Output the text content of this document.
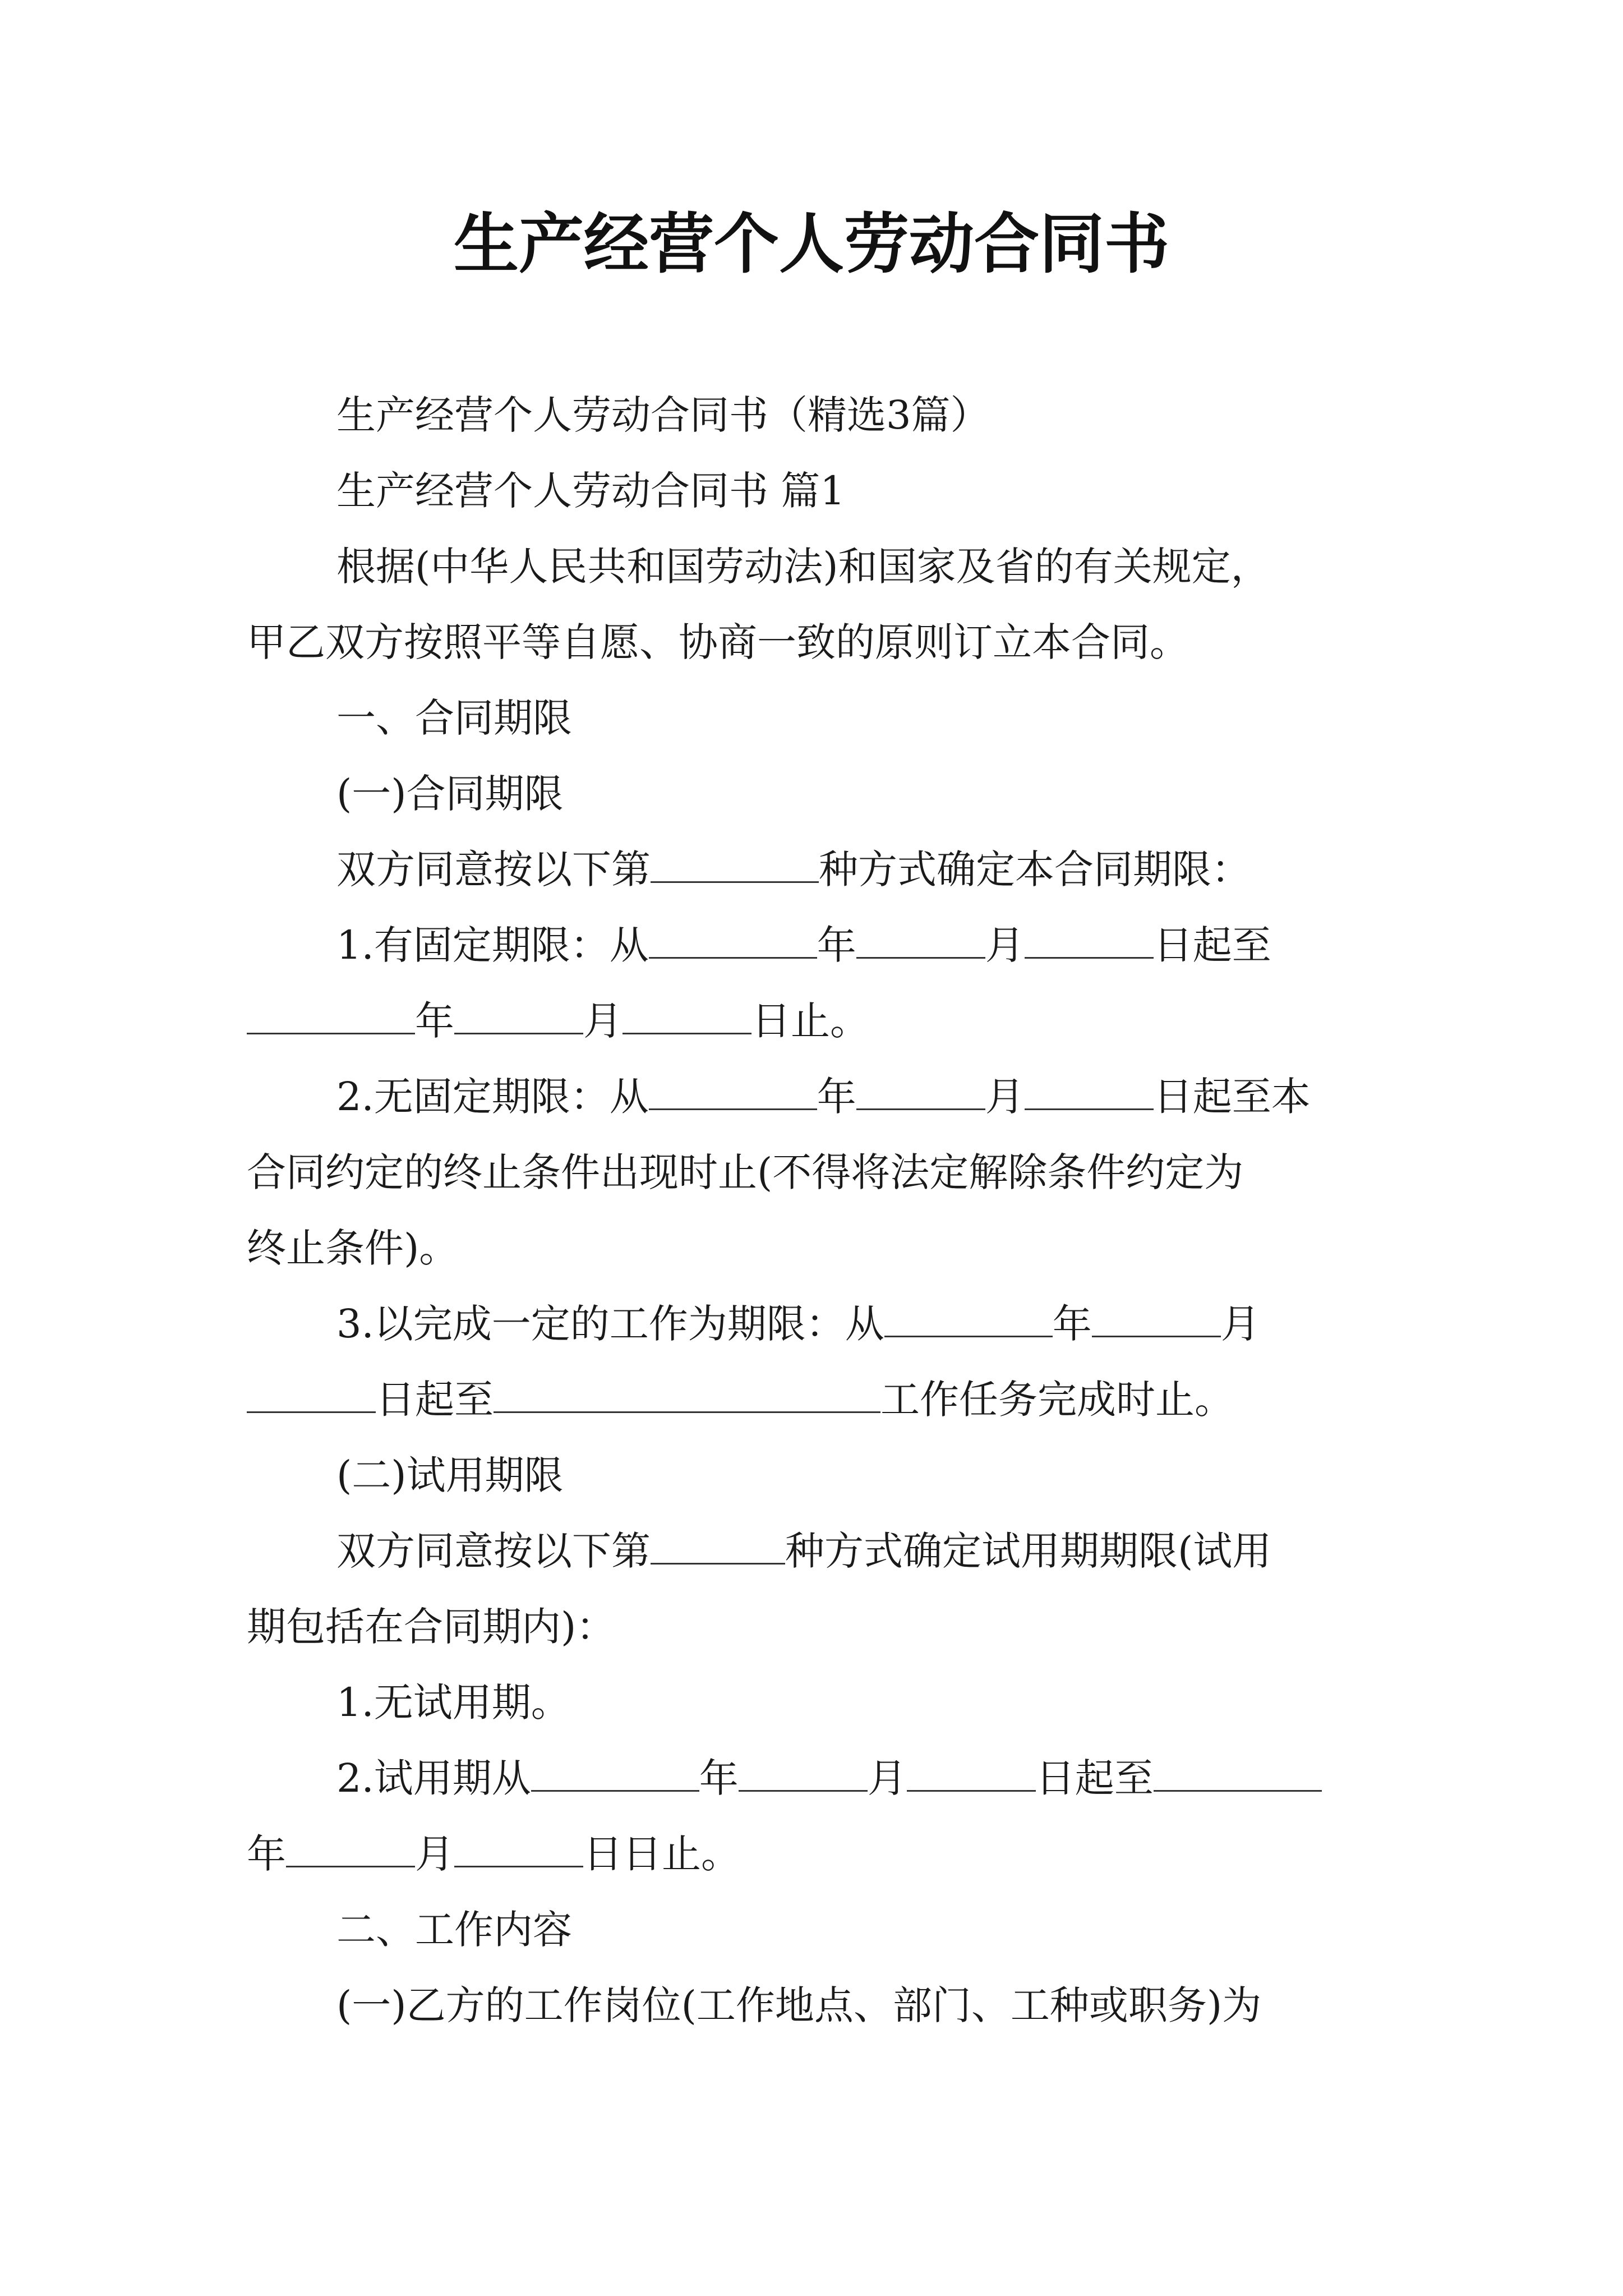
生产经营个人劳动合同书

生产经营个人劳动合同书（精选3篇）

生产经营个人劳动合同书 篇1

根据(中华人民共和国劳动法)和国家及省的有关规定，

甲乙双方按照平等自愿、协商一致的原则订立本合同。

一、合同期限

(一)合同期限

双方同意按以下第	种方式确定本合同期限：

1.有固定期限：从	年	月	日起至

年	月	日止。

2.无固定期限：从	年	月	日起至本

合同约定的终止条件出现时止(不得将法定解除条件约定为

终止条件)。

3.以完成一定的工作为期限：从	年	月

日起至	工作任务完成时止。

(二)试用期限

双方同意按以下第	种方式确定试用期期限(试用

期包括在合同期内)：

1.无试用期。

2.试用期从	年	月	日起至

年	月	日日止。

二、工作内容

(一)乙方的工作岗位(工作地点、部门、工种或职务)为
